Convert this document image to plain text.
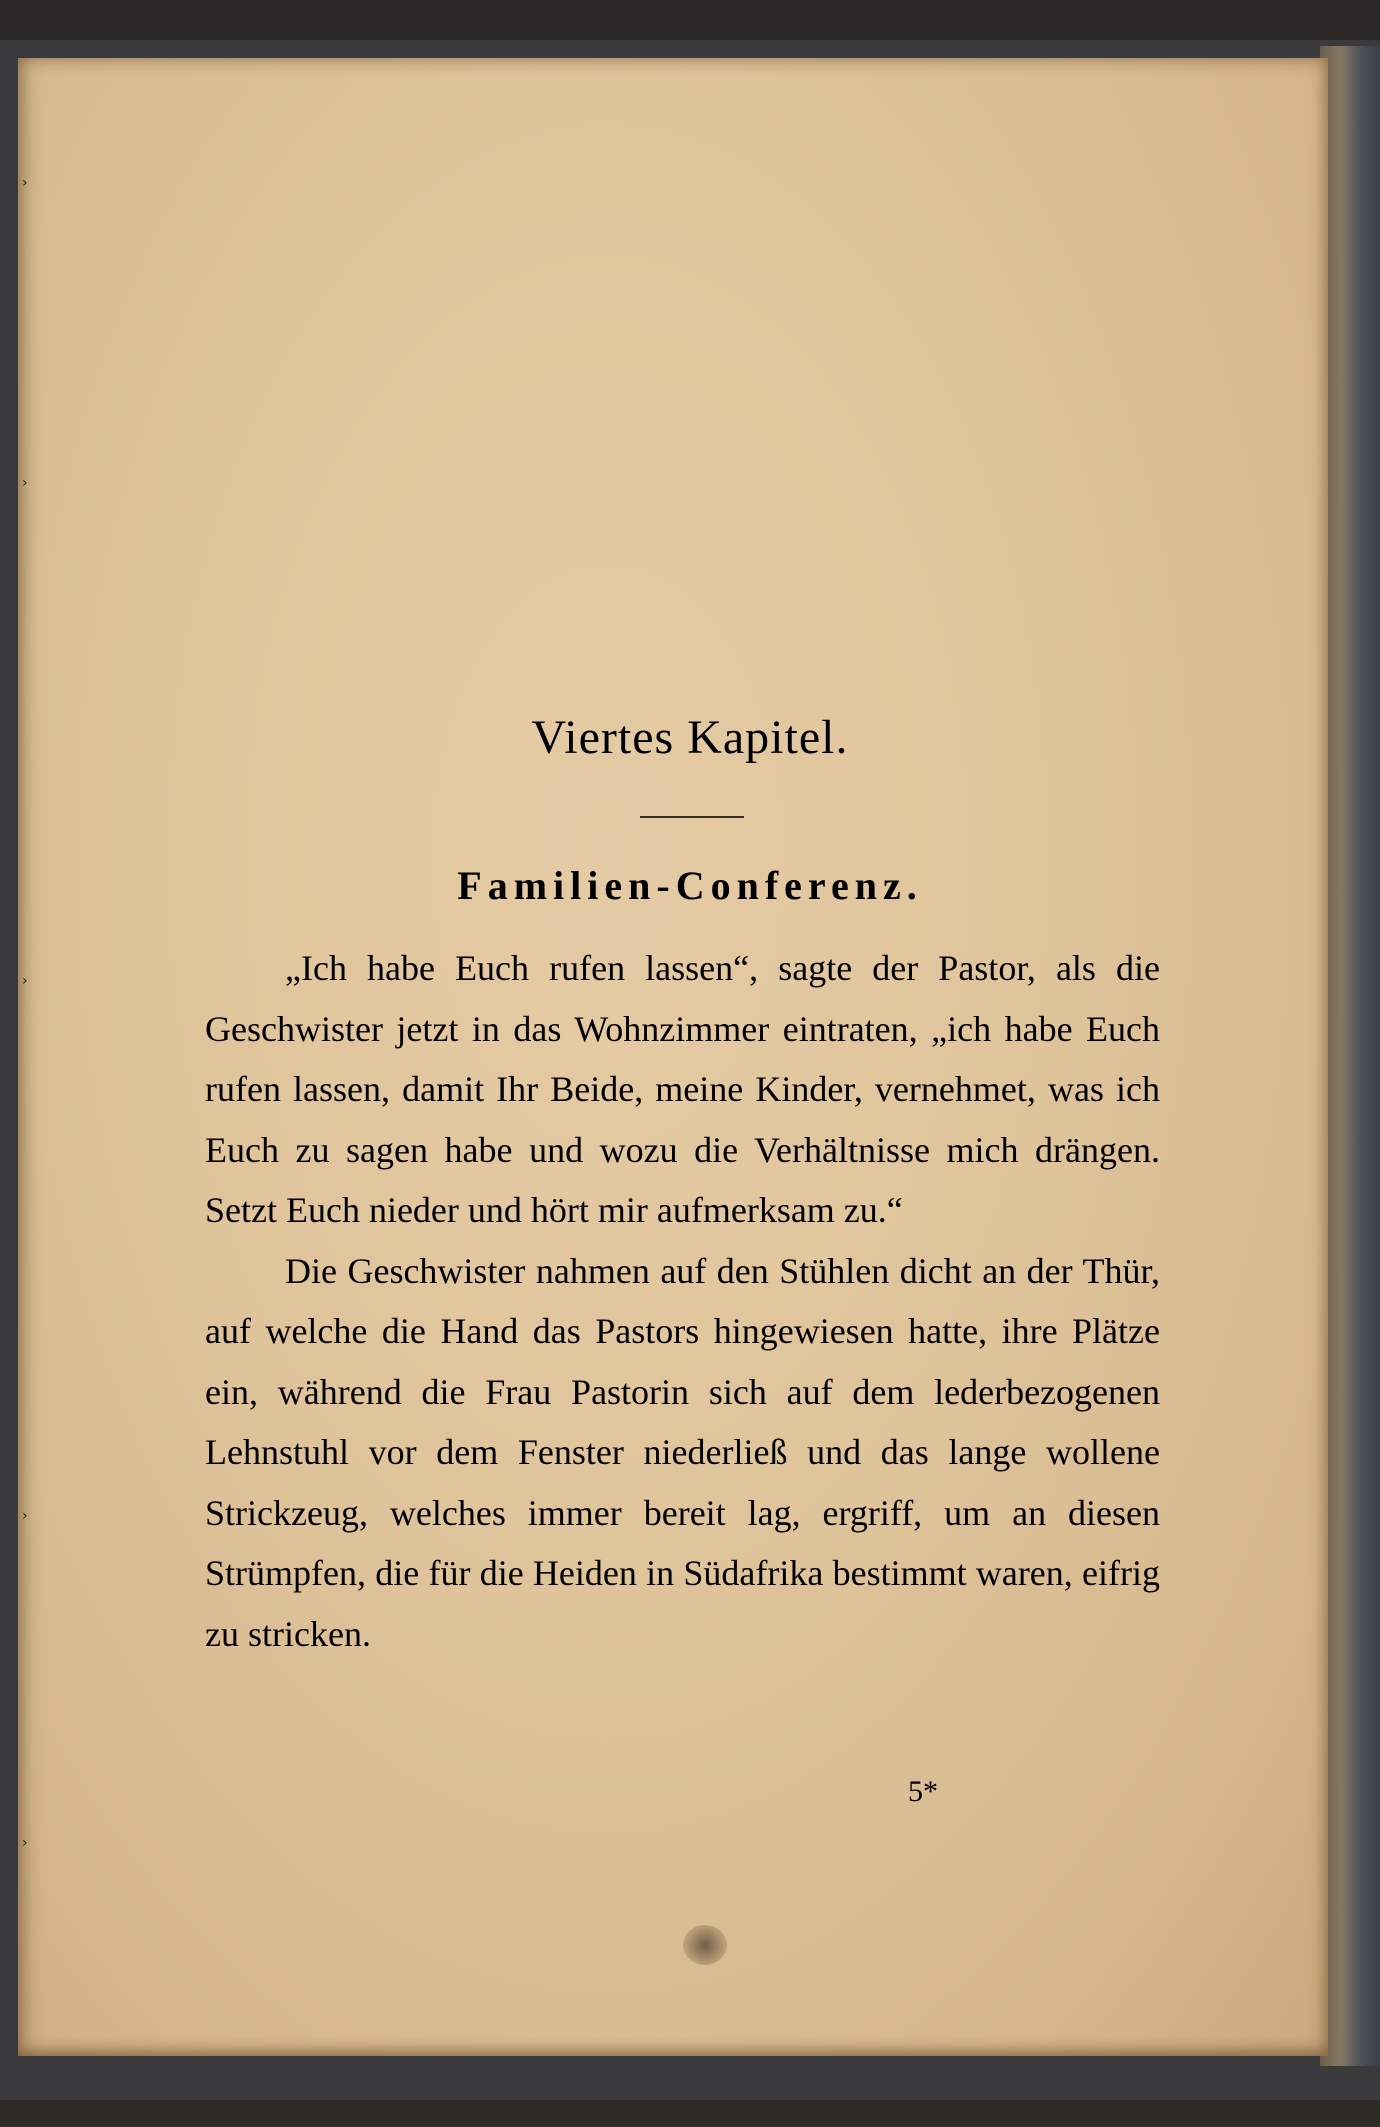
›
›
›
›
›
Viertes Kapitel.
Familien-Conferenz.

„Ich habe Euch rufen lassen“, sagte der Pastor, als die Geschwister jetzt in das Wohnzimmer eintraten, „ich habe Euch rufen lassen, damit Ihr Beide, meine Kinder, vernehmet, was ich Euch zu sagen habe und wozu die Verhältnisse mich drängen. Setzt Euch nieder und hört mir aufmerksam zu.“

Die Geschwister nahmen auf den Stühlen dicht an der Thür, auf welche die Hand das Pastors hingewiesen hatte, ihre Plätze ein, während die Frau Pastorin sich auf dem lederbezogenen Lehnstuhl vor dem Fenster niederließ und das lange wollene Strickzeug, welches immer bereit lag, ergriff, um an diesen Strümpfen, die für die Heiden in Südafrika bestimmt waren, eifrig zu stricken.

5*
